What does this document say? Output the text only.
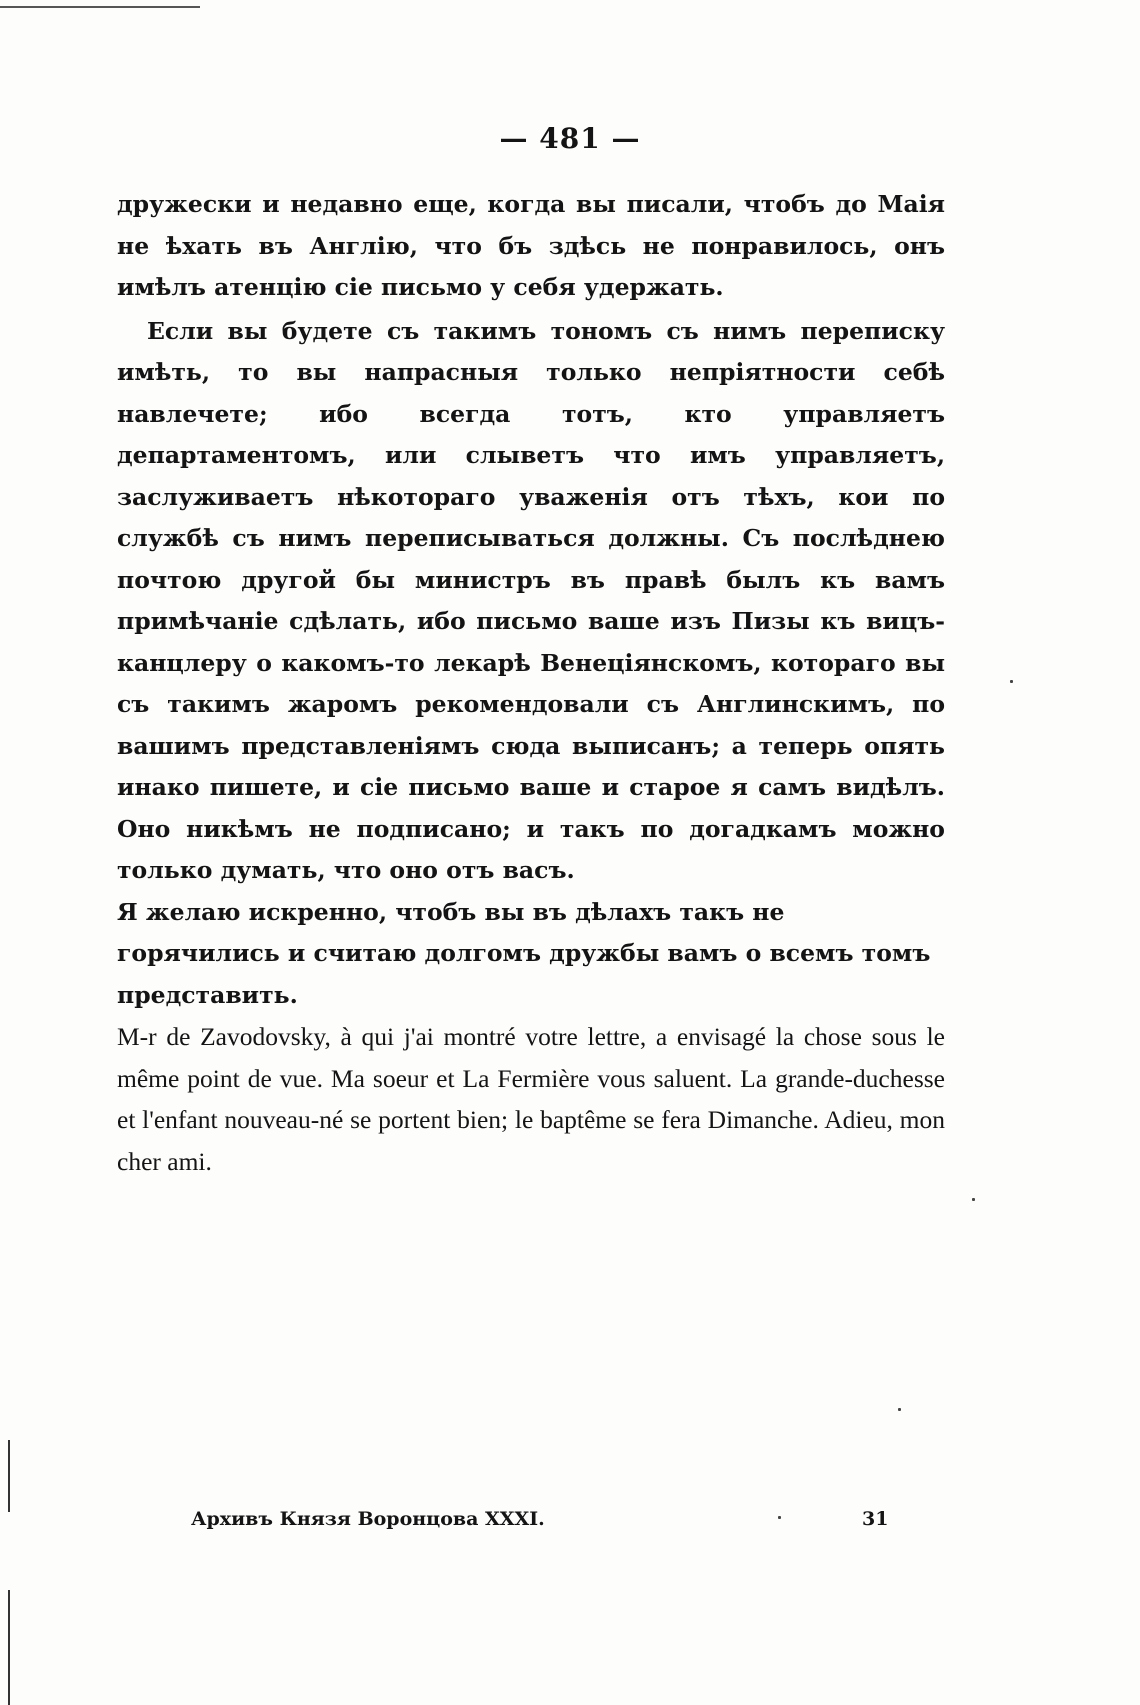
— 481 —

дружески и недавно еще, когда вы писали, чтобъ до Маія не ѣхать въ Англію, что бъ здѣсь не понравилось, онъ имѣлъ атенцію сіе письмо у себя удержать.

Если вы будете съ такимъ тономъ съ нимъ переписку имѣть, то вы напрасныя только непріятности себѣ навлечете; ибо всегда тотъ, кто управляетъ департаментомъ, или слыветъ что имъ управляетъ, заслуживаетъ нѣкотораго уваженія отъ тѣхъ, кои по службѣ съ нимъ переписываться должны. Съ послѣднею почтою другой бы министръ въ правѣ былъ къ вамъ примѣчаніе сдѣлать, ибо письмо ваше изъ Пизы къ вицъ-канцлеру о какомъ-то лекарѣ Венеціянскомъ, котораго вы съ такимъ жаромъ рекомендовали съ Англинскимъ, по вашимъ представленіямъ сюда выписанъ; а теперь опять инако пишете, и сіе письмо ваше и старое я самъ видѣлъ. Оно никѣмъ не подписано; и такъ по догадкамъ можно только думать, что оно отъ васъ.

Я желаю искренно, чтобъ вы въ дѣлахъ такъ не горячились и считаю долгомъ дружбы вамъ о всемъ томъ представить.

M-r de Zavodovsky, à qui j'ai montré votre lettre, a envisagé la chose sous le même point de vue. Ma soeur et La Fermière vous saluent. La grande-duchesse et l'enfant nouveau-né se portent bien; le baptême se fera Dimanche. Adieu, mon cher ami.

Архивъ Князя Воронцова XXXI.	31
